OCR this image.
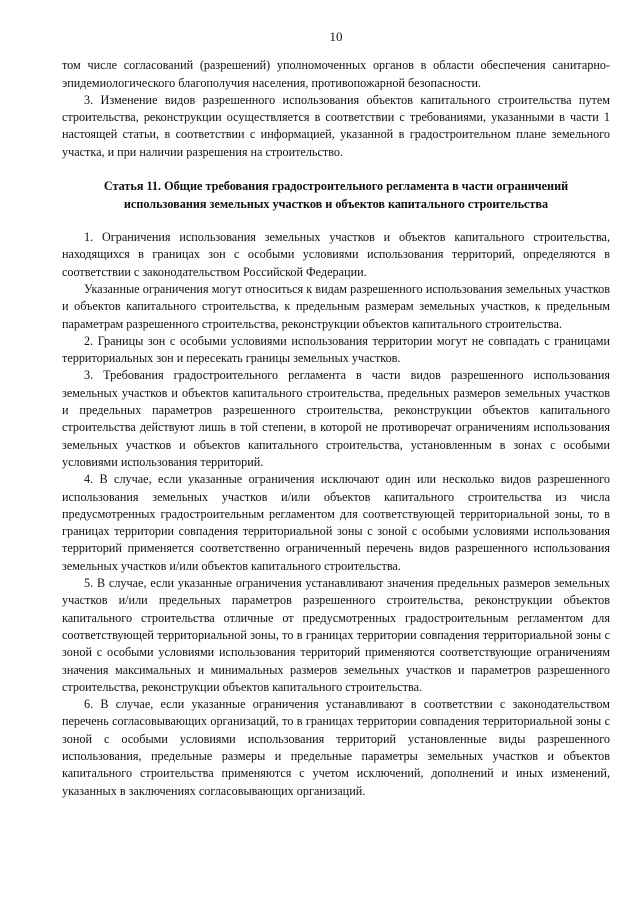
10

том числе согласований (разрешений) уполномоченных органов в области обеспечения санитарно-эпидемиологического благополучия населения, противопожарной безопасности.

3. Изменение видов разрешенного использования объектов капитального строительства путем строительства, реконструкции осуществляется в соответствии с требованиями, указанными в части 1 настоящей статьи, в соответствии с информацией, указанной в градостроительном плане земельного участка, и при наличии разрешения на строительство.

Статья 11. Общие требования градостроительного регламента в части ограничений использования земельных участков и объектов капитального строительства

1. Ограничения использования земельных участков и объектов капитального строительства, находящихся в границах зон с особыми условиями использования территорий, определяются в соответствии с законодательством Российской Федерации.

Указанные ограничения могут относиться к видам разрешенного использования земельных участков и объектов капитального строительства, к предельным размерам земельных участков, к предельным параметрам разрешенного строительства, реконструкции объектов капитального строительства.

2. Границы зон с особыми условиями использования территории могут не совпадать с границами территориальных зон и пересекать границы земельных участков.

3. Требования градостроительного регламента в части видов разрешенного использования земельных участков и объектов капитального строительства, предельных размеров земельных участков и предельных параметров разрешенного строительства, реконструкции объектов капитального строительства действуют лишь в той степени, в которой не противоречат ограничениям использования земельных участков и объектов капитального строительства, установленным в зонах с особыми условиями использования территорий.

4. В случае, если указанные ограничения исключают один или несколько видов разрешенного использования земельных участков и/или объектов капитального строительства из числа предусмотренных градостроительным регламентом для соответствующей территориальной зоны, то в границах территории совпадения территориальной зоны с зоной с особыми условиями использования территорий применяется соответственно ограниченный перечень видов разрешенного использования земельных участков и/или объектов капитального строительства.

5. В случае, если указанные ограничения устанавливают значения предельных размеров земельных участков и/или предельных параметров разрешенного строительства, реконструкции объектов капитального строительства отличные от предусмотренных градостроительным регламентом для соответствующей территориальной зоны, то в границах территории совпадения территориальной зоны с зоной с особыми условиями использования территорий применяются соответствующие ограничениям значения максимальных и минимальных размеров земельных участков и параметров разрешенного строительства, реконструкции объектов капитального строительства.

6. В случае, если указанные ограничения устанавливают в соответствии с законодательством перечень согласовывающих организаций, то в границах территории совпадения территориальной зоны с зоной с особыми условиями использования территорий установленные виды разрешенного использования, предельные размеры и предельные параметры земельных участков и объектов капитального строительства применяются с учетом исключений, дополнений и иных изменений, указанных в заключениях согласовывающих организаций.
